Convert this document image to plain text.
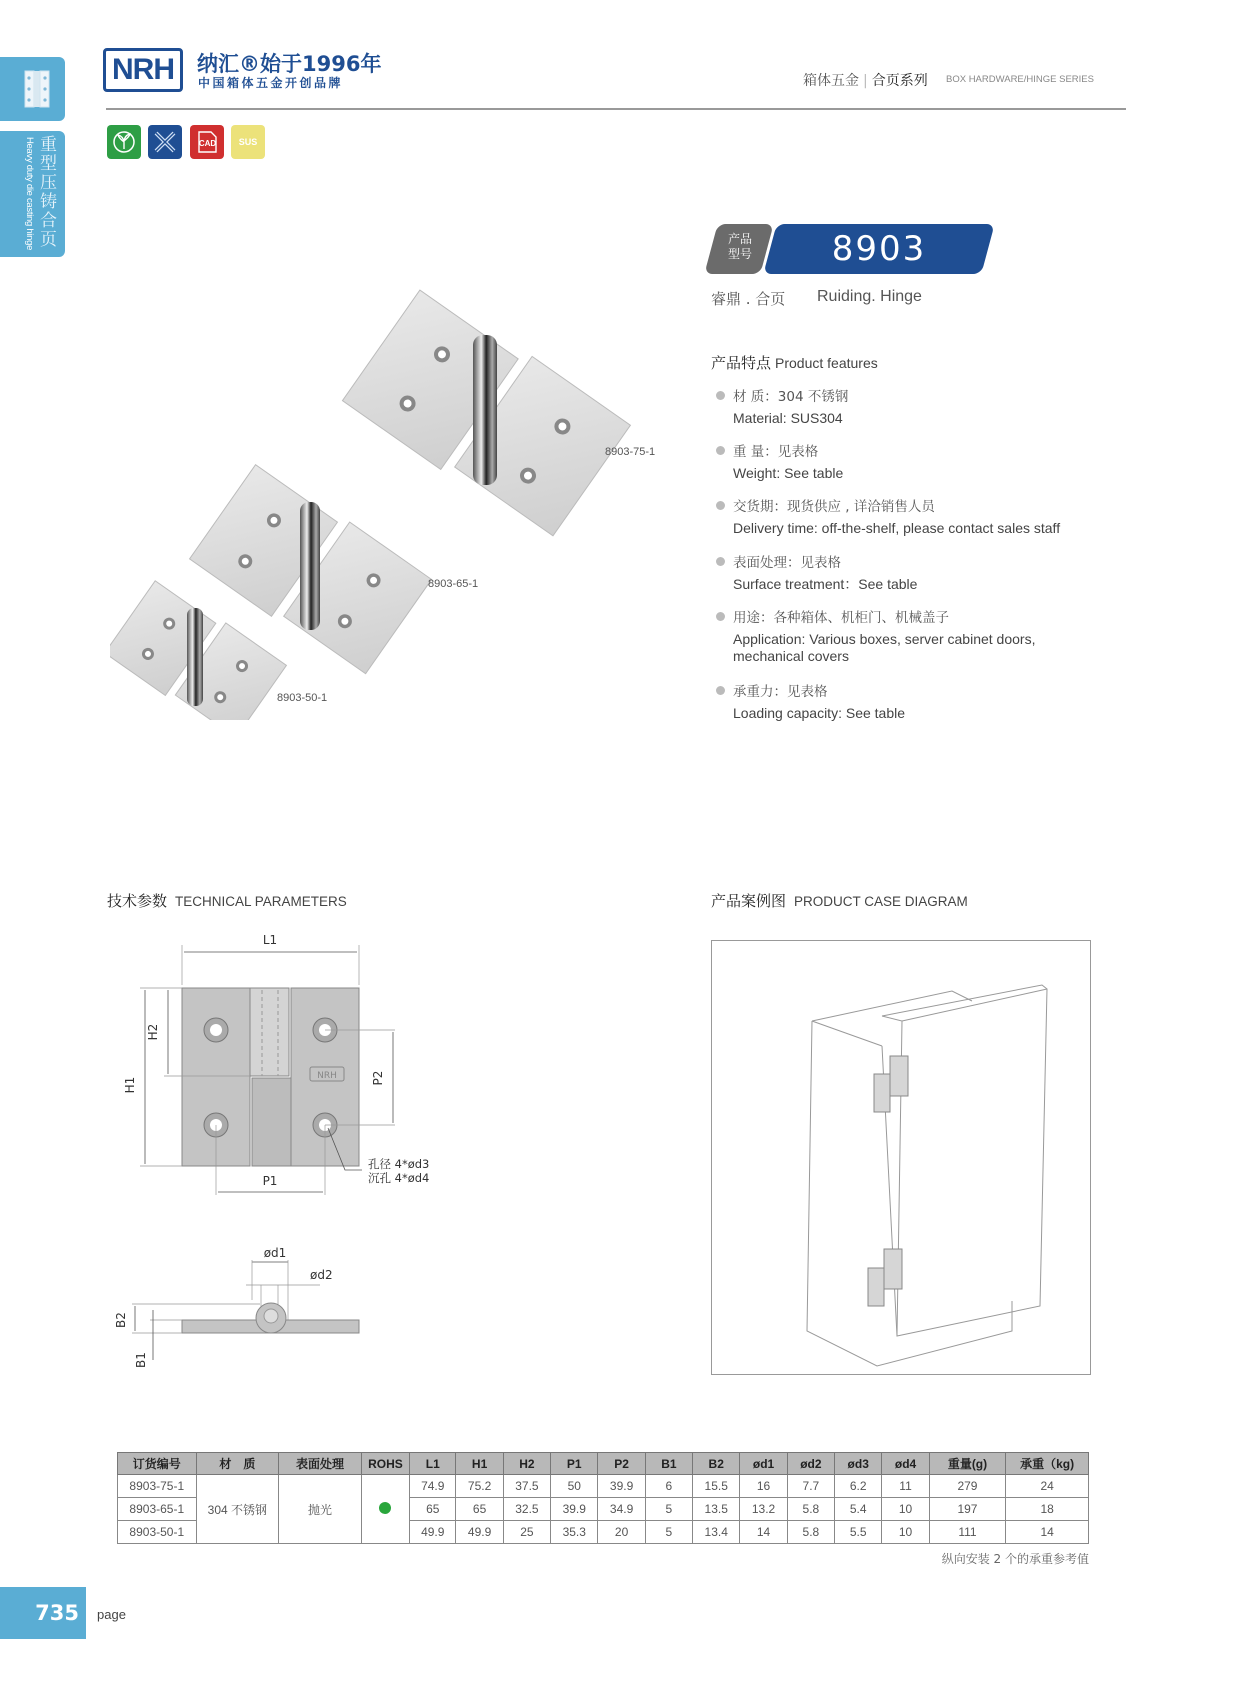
Heavy duty die casting hinge 重型压铸合页
NRH	纳汇®始于1996年
中国箱体五金开创品牌	箱体五金 | 合页系列 BOX HARDWARE/HINGE SERIES
CAD	SUS
产品
型号	8903
睿鼎 . 合页 Ruiding. Hinge
产品特点 Product features
材 质：304 不锈钢
Material: SUS304
重 量：见表格
Weight: See table
交货期：现货供应 , 详洽销售人员
Delivery time: off-the-shelf, please contact sales staff
表面处理：见表格
Surface treatment：See table
用途：各种箱体、机柜门、机械盖子
Application: Various boxes, server cabinet doors, mechanical covers
承重力：见表格
Loading capacity: See table
8903-75-1
8903-65-1
8903-50-1
技术参数 TECHNICAL PARAMETERS
L1
NRH
H1
H2
P2
P1
孔径 4*ød3
沉孔 4*ød4
ød1
ød2
B2
B1
产品案例图 PRODUCT CASE DIAGRAM
订货编号	材　质	表面处理	ROHS	L1	H1	H2	P1	P2	B1	B2	ød1	ød2	ød3	ød4	重量(g)	承重（kg)
8903-75-1	304 不锈钢	抛光		74.9	75.2	37.5	50	39.9	6	15.5	16	7.7	6.2	11	279	24
8903-65-1				65	65	32.5	39.9	34.9	5	13.5	13.2	5.8	5.4	10	197	18
8903-50-1				49.9	49.9	25	35.3	20	5	13.4	14	5.8	5.5	10	111	14
纵向安装 2 个的承重参考值
735	page
